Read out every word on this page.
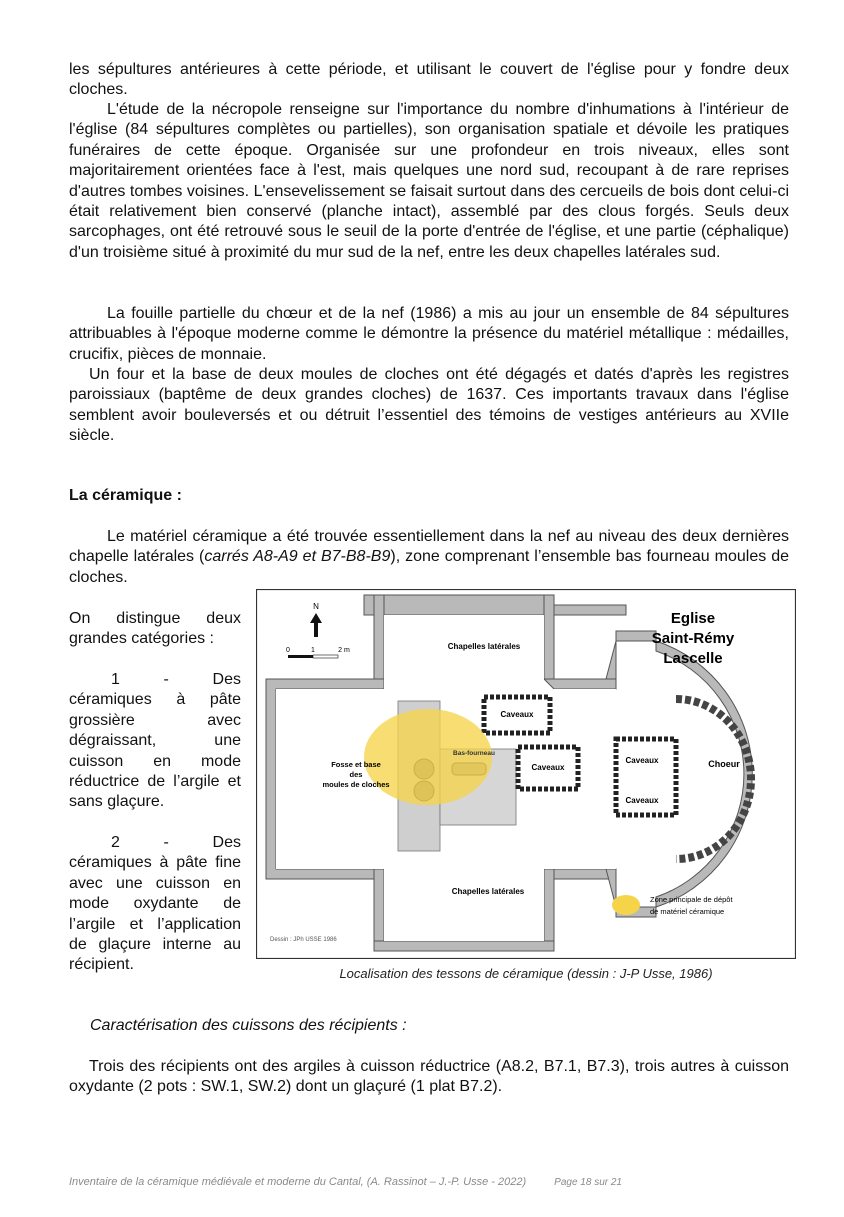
les sépultures antérieures à cette période, et utilisant le couvert de l'église pour y fondre deux cloches.

L'étude de la nécropole renseigne sur l'importance du nombre d'inhumations à l'intérieur de l'église (84 sépultures complètes ou partielles), son organisation spatiale et dévoile les pratiques funéraires de cette époque. Organisée sur une profondeur en trois niveaux, elles sont majoritairement orientées face à l'est, mais quelques une nord sud, recoupant à de rare reprises d'autres tombes voisines. L'ensevelissement se faisait surtout dans des cercueils de bois dont celui-ci était relativement bien conservé (planche intact), assemblé par des clous forgés. Seuls deux sarcophages, ont été retrouvé sous le seuil de la porte d'entrée de l'église, et une partie (céphalique) d'un troisième situé à proximité du mur sud de la nef, entre les deux chapelles latérales sud.

La fouille partielle du chœur et de la nef (1986) a mis au jour un ensemble de 84 sépultures attribuables à l'époque moderne comme le démontre la présence du matériel métallique : médailles, crucifix, pièces de monnaie.

Un four et la base de deux moules de cloches ont été dégagés et datés d'après les registres paroissiaux (baptême de deux grandes cloches) de 1637. Ces importants travaux dans l'église semblent avoir bouleversés et ou détruit l’essentiel des témoins de vestiges antérieurs au XVIIe siècle.

La céramique :

Le matériel céramique a été trouvée essentiellement dans la nef au niveau des deux dernières chapelle latérales (carrés A8-A9 et B7-B8-B9), zone comprenant l’ensemble bas fourneau moules de cloches.

On distingue deux grandes catégories :

1 - Des céramiques à pâte grossière avec dégraissant, une cuisson en mode réductrice de l’argile et sans glaçure.

2 - Des céramiques à pâte fine avec une cuisson en mode oxydante de l’argile et l’application de glaçure interne au récipient.

N
0	1	2 m
Eglise
Saint-Rémy
Lascelle
Chapelles latérales
Chapelles latérales
Caveaux
Caveaux
Caveaux
Caveaux
Choeur
Bas-fourneau
Fosse et base
des
moules de cloches
Zone principale de dépôt
de matériel céramique
Dessin : JPh USSE 1986
Localisation des tessons de céramique (dessin : J-P Usse, 1986)

Caractérisation des cuissons des récipients :

Trois des récipients ont des argiles à cuisson réductrice (A8.2, B7.1, B7.3), trois autres à cuisson oxydante (2 pots : SW.1, SW.2) dont un glaçuré (1 plat B7.2).

Inventaire de la céramique médiévale et moderne du Cantal, (A. Rassinot – J.-P. Usse - 2022)	Page 18 sur 21
